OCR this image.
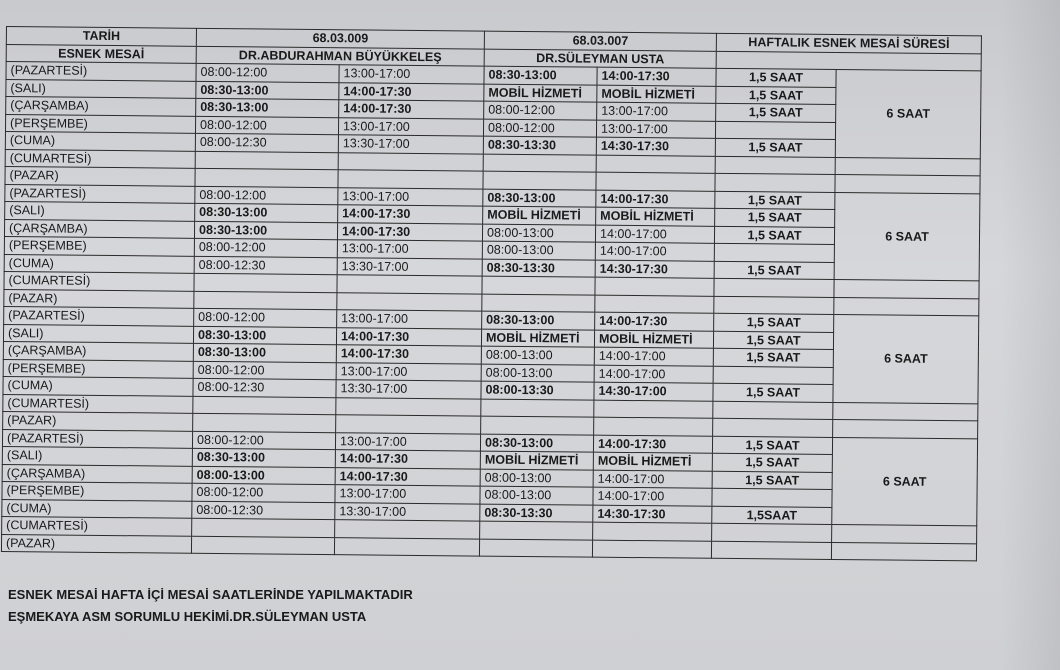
TARİH	68.03.009		68.03.007		HAFTALIK ESNEK MESAİ SÜRESİ	
ESNEK MESAİ	DR.ABDURAHMAN BÜYÜKKELEŞ		DR.SÜLEYMAN USTA			
(PAZARTESİ)	08:00-12:00	13:00-17:00	08:30-13:00	14:00-17:30	1,5 SAAT	6 SAAT
(SALI)	08:30-13:00	14:00-17:30	MOBİL HİZMETİ	MOBİL HİZMETİ	1,5 SAAT	
(ÇARŞAMBA)	08:30-13:00	14:00-17:30	08:00-12:00	13:00-17:00	1,5 SAAT	
(PERŞEMBE)	08:00-12:00	13:00-17:00	08:00-12:00	13:00-17:00		
(CUMA)	08:00-12:30	13:30-17:00	08:30-13:30	14:30-17:30	1,5 SAAT	
(CUMARTESİ)						
(PAZAR)						
(PAZARTESİ)	08:00-12:00	13:00-17:00	08:30-13:00	14:00-17:30	1,5 SAAT	6 SAAT
(SALI)	08:30-13:00	14:00-17:30	MOBİL HİZMETİ	MOBİL HİZMETİ	1,5 SAAT	
(ÇARŞAMBA)	08:30-13:00	14:00-17:30	08:00-13:00	14:00-17:00	1,5 SAAT	
(PERŞEMBE)	08:00-12:00	13:00-17:00	08:00-13:00	14:00-17:00		
(CUMA)	08:00-12:30	13:30-17:00	08:30-13:30	14:30-17:30	1,5 SAAT	
(CUMARTESİ)						
(PAZAR)						
(PAZARTESİ)	08:00-12:00	13:00-17:00	08:30-13:00	14:00-17:30	1,5 SAAT	6 SAAT
(SALI)	08:30-13:00	14:00-17:30	MOBİL HİZMETİ	MOBİL HİZMETİ	1,5 SAAT	
(ÇARŞAMBA)	08:30-13:00	14:00-17:30	08:00-13:00	14:00-17:00	1,5 SAAT	
(PERŞEMBE)	08:00-12:00	13:00-17:00	08:00-13:00	14:00-17:00		
(CUMA)	08:00-12:30	13:30-17:00	08:00-13:30	14:30-17:00	1,5 SAAT	
(CUMARTESİ)						
(PAZAR)						
(PAZARTESİ)	08:00-12:00	13:00-17:00	08:30-13:00	14:00-17:30	1,5 SAAT	6 SAAT
(SALI)	08:30-13:00	14:00-17:30	MOBİL HİZMETİ	MOBİL HİZMETİ	1,5 SAAT	
(ÇARŞAMBA)	08:00-13:00	14:00-17:30	08:00-13:00	14:00-17:00	1,5 SAAT	
(PERŞEMBE)	08:00-12:00	13:00-17:00	08:00-13:00	14:00-17:00		
(CUMA)	08:00-12:30	13:30-17:00	08:30-13:30	14:30-17:30	1,5SAAT	
(CUMARTESİ)						
(PAZAR)						
ESNEK MESAİ HAFTA İÇİ MESAİ SAATLERİNDE YAPILMAKTADIR
EŞMEKAYA ASM SORUMLU HEKİMİ.DR.SÜLEYMAN USTA
